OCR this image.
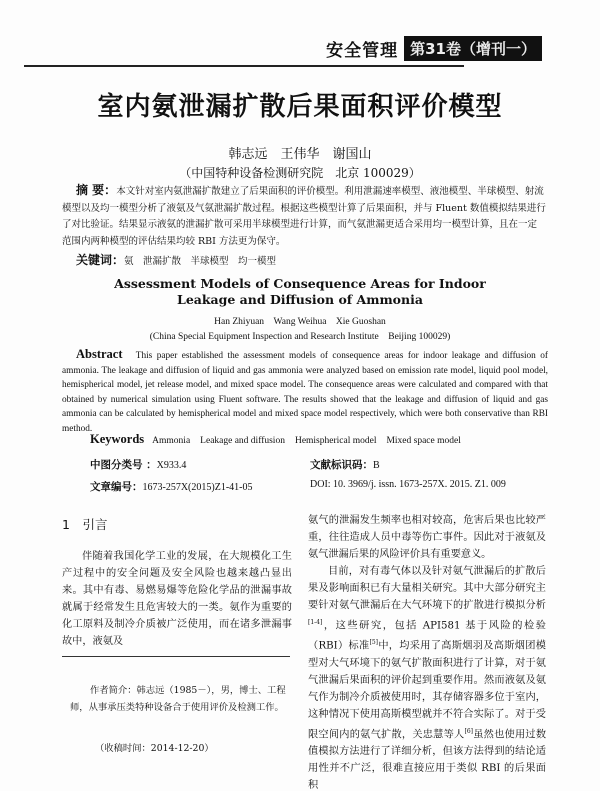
安全管理 第31卷（增刊一）
室内氨泄漏扩散后果面积评价模型
韩志远　王伟华　谢国山
（中国特种设备检测研究院　北京 100029）
摘 要：本文针对室内氨泄漏扩散建立了后果面积的评价模型。利用泄漏速率模型、液池模型、半球模型、射流模型以及均一模型分析了液氨及气氨泄漏扩散过程。根据这些模型计算了后果面积，并与 Fluent 数值模拟结果进行了对比验证。结果显示液氨的泄漏扩散可采用半球模型进行计算，而气氨泄漏更适合采用均一模型计算，且在一定范围内两种模型的评估结果均较 RBI 方法更为保守。
关键词：氨　泄漏扩散　半球模型　均一模型
Assessment Models of Consequence Areas for Indoor Leakage and Diffusion of Ammonia
Han Zhiyuan　Wang Weihua　Xie Guoshan
(China Special Equipment Inspection and Research Institute　Beijing 100029)
Abstract This paper established the assessment models of consequence areas for indoor leakage and diffusion of ammonia. The leakage and diffusion of liquid and gas ammonia were analyzed based on emission rate model, liquid pool model, hemispherical model, jet release model, and mixed space model. The consequence areas were calculated and compared with that obtained by numerical simulation using Fluent software. The results showed that the leakage and diffusion of liquid and gas ammonia can be calculated by hemispherical model and mixed space model respectively, which were both conservative than RBI method.
Keywords Ammonia Leakage and diffusion Hemispherical model Mixed space model
中图分类号 ：X933.4	文献标识码：B
文章编号：1673-257X(2015)Z1-41-05	DOI: 10. 3969/j. issn. 1673-257X. 2015. Z1. 009
1　引言

伴随着我国化学工业的发展，在大规模化工生产过程中的安全问题及安全风险也越来越凸显出来。其中有毒、易燃易爆等危险化学品的泄漏事故就属于经常发生且危害较大的一类。氨作为重要的化工原料及制冷介质被广泛使用，而在诸多泄漏事故中，液氨及

氨气的泄漏发生频率也相对较高，危害后果也比较严重，往往造成人员中毒等伤亡事件。因此对于液氨及氨气泄漏后果的风险评价具有重要意义。

目前，对有毒气体以及针对氨气泄漏后的扩散后果及影响面积已有大量相关研究。其中大部分研究主要针对氨气泄漏后在大气环境下的扩散进行模拟分析[1-4]，这些研究，包括 API581 基于风险的检验（RBI）标准[5]中，均采用了高斯烟羽及高斯烟团模型对大气环境下的氨气扩散面积进行了计算，对于氨气泄漏后果面积的评价起到重要作用。然而液氨及氨气作为制冷介质被使用时，其存储容器多位于室内，这种情况下使用高斯模型就并不符合实际了。对于受限空间内的氨气扩散，关忠慧等人[6]虽然也使用过数值模拟方法进行了详细分析，但该方法得到的结论适用性并不广泛，很难直接应用于类似 RBI 的后果面积

作者简介：韩志远（1985－），男，博士、工程师，从事承压类特种设备合于使用评价及检测工作。
（收稿时间：2014-12-20）
